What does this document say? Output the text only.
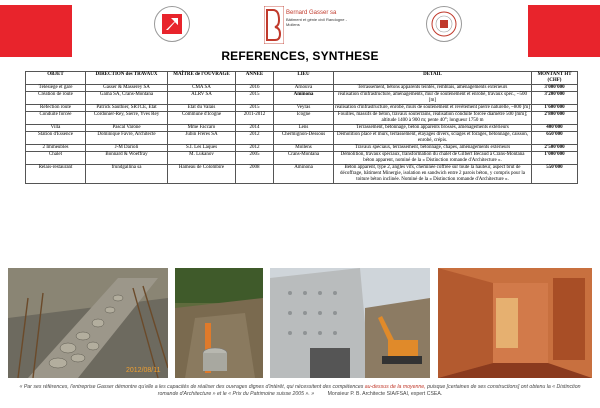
Bernard Gasser sa
Bâtiment et génie civil Randogne - Mollens
REFERENCES, SYNTHESE
OBJET	DIRECTION des TRAVAUX	MAÎTRE de l'OUVRAGE	ANNEE	LIEU	DETAIL	MONTANT HT (CHF)
Télésiège et gare	Gasser & Masserey SA	CMA SA	2016	Arnouva	Terrassement, bétons apparents teintés, remblais, aménagements extérieurs	3'000'000
Création de route	Gama SA, Crans-Montana	ALRV SA	2015	Aminona	réalisation d'infrastructure, aménagements, mur de soutènement et enrobé, travaux spéc., ~500 [m]	3'200'000
Réfection route	Patrick Sauthier, SRTCE, Etat	Etat du Valais	2015	Veyras	réalisation d'infrastructure, enrobé, murs de soutènement et revêtement pierre naturelle, ~800 [m]	1'600'000
Conduite forcée	Cordonier-Rey, Sierre, Yves Rey	Commune d'Icogne	2011-2012	Icogne	Fouilles, massifs de béton, travaux souterrains, réalisation conduite forcée diamètre 500 [mm]; altitude 1400 à 900 m; pente 40°; longueur 1750 m	2'800'000
Villa	Pascal Varone	Mme Faccaro	2014	Lens	Terrassement, bétonnage, béton apparents brossés, aménagements extérieurs	400'000
Station d'Essence	Dominique Favre, Architecte	Jubin Frères SA	2012	Chermignon-Dessous	Démolition place et murs, terrassement, étayages divers, sciages et forages, bétonnage, caisson, enrobé, crépis.	650'000
2 Immeubles	J-M Darioli	S.I. Les Laques	2012	Mollens	Travaux spéciaux, terrassement, bétonnage, chapes, aménagements extérieurs	2'500'000
Chalet	Bonnard & Woeffray	M. Lukanov	2005	Crans-Montana	Démolition, travaux spéciaux, transformation du chalet de Gilbert Bécaud à Crans-Montana béton apparent, nominé de la « Distinction romande d'Architecture ».	1'000'000
Relais-restaurant	frundgallina sa	Hameau de Colombire	2008	Aminona	Béton apparent, type 2, angles vifs, cheminée coffrée sur toute la hauteur, aspect brut de décoffrage, bâtiment Minergie, isolation en sandwich entre 2 parois béton, y compris pour la toiture béton inclinée. Nominé de la « Distinction romande d'Architecture ».	550'000
2012/08/11
« Par ses références, l'entreprise Gasser démontre qu'elle a les capacités de réaliser des ouvrages dignes d'intérêt, qui nécessitent des compétences au-dessus de la moyenne, puisque [certaines de ses constructions] ont obtenu la « Distinction romande d'Architecture » et le « Prix du Patrimoine suisse 2005 ». »	Monsieur P. B. Architecte SIA/FSAI, expert CSEA.
